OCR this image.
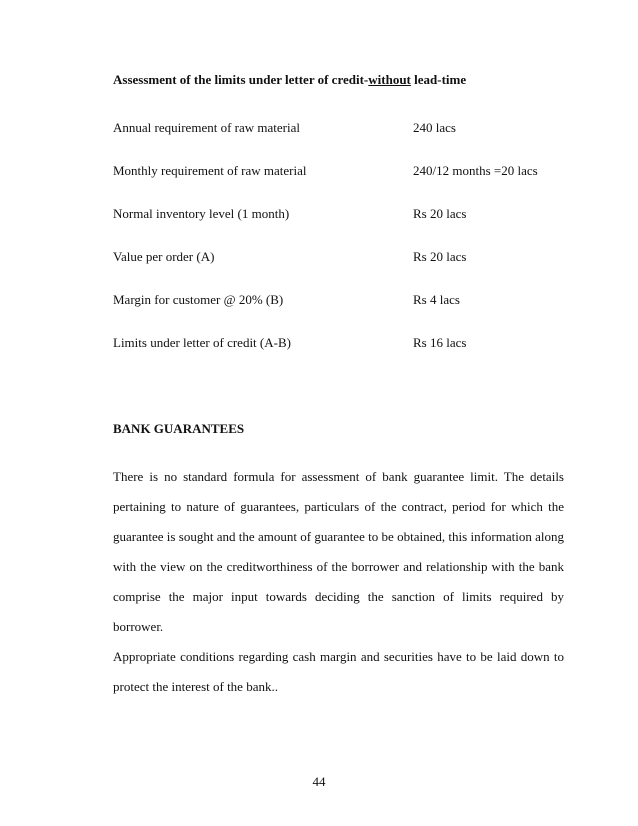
Assessment of the limits under letter of credit-without lead-time
Annual requirement of raw material	240 lacs
Monthly requirement of raw material	240/12 months =20 lacs
Normal inventory level (1 month)	Rs 20 lacs
Value per order (A)	Rs 20 lacs
Margin for customer @ 20% (B)	Rs 4 lacs
Limits under letter of credit (A-B)	Rs 16 lacs
BANK GUARANTEES
There is no standard formula for assessment of bank guarantee limit. The details
pertaining to nature of guarantees, particulars of the contract, period for which the
guarantee is sought and the amount of guarantee to be obtained, this information along
with the view on the creditworthiness of the borrower and relationship with the bank
comprise the major input towards deciding the sanction of limits required by borrower.
Appropriate conditions regarding cash margin and securities have to be laid down to
protect the interest of the bank..
44
